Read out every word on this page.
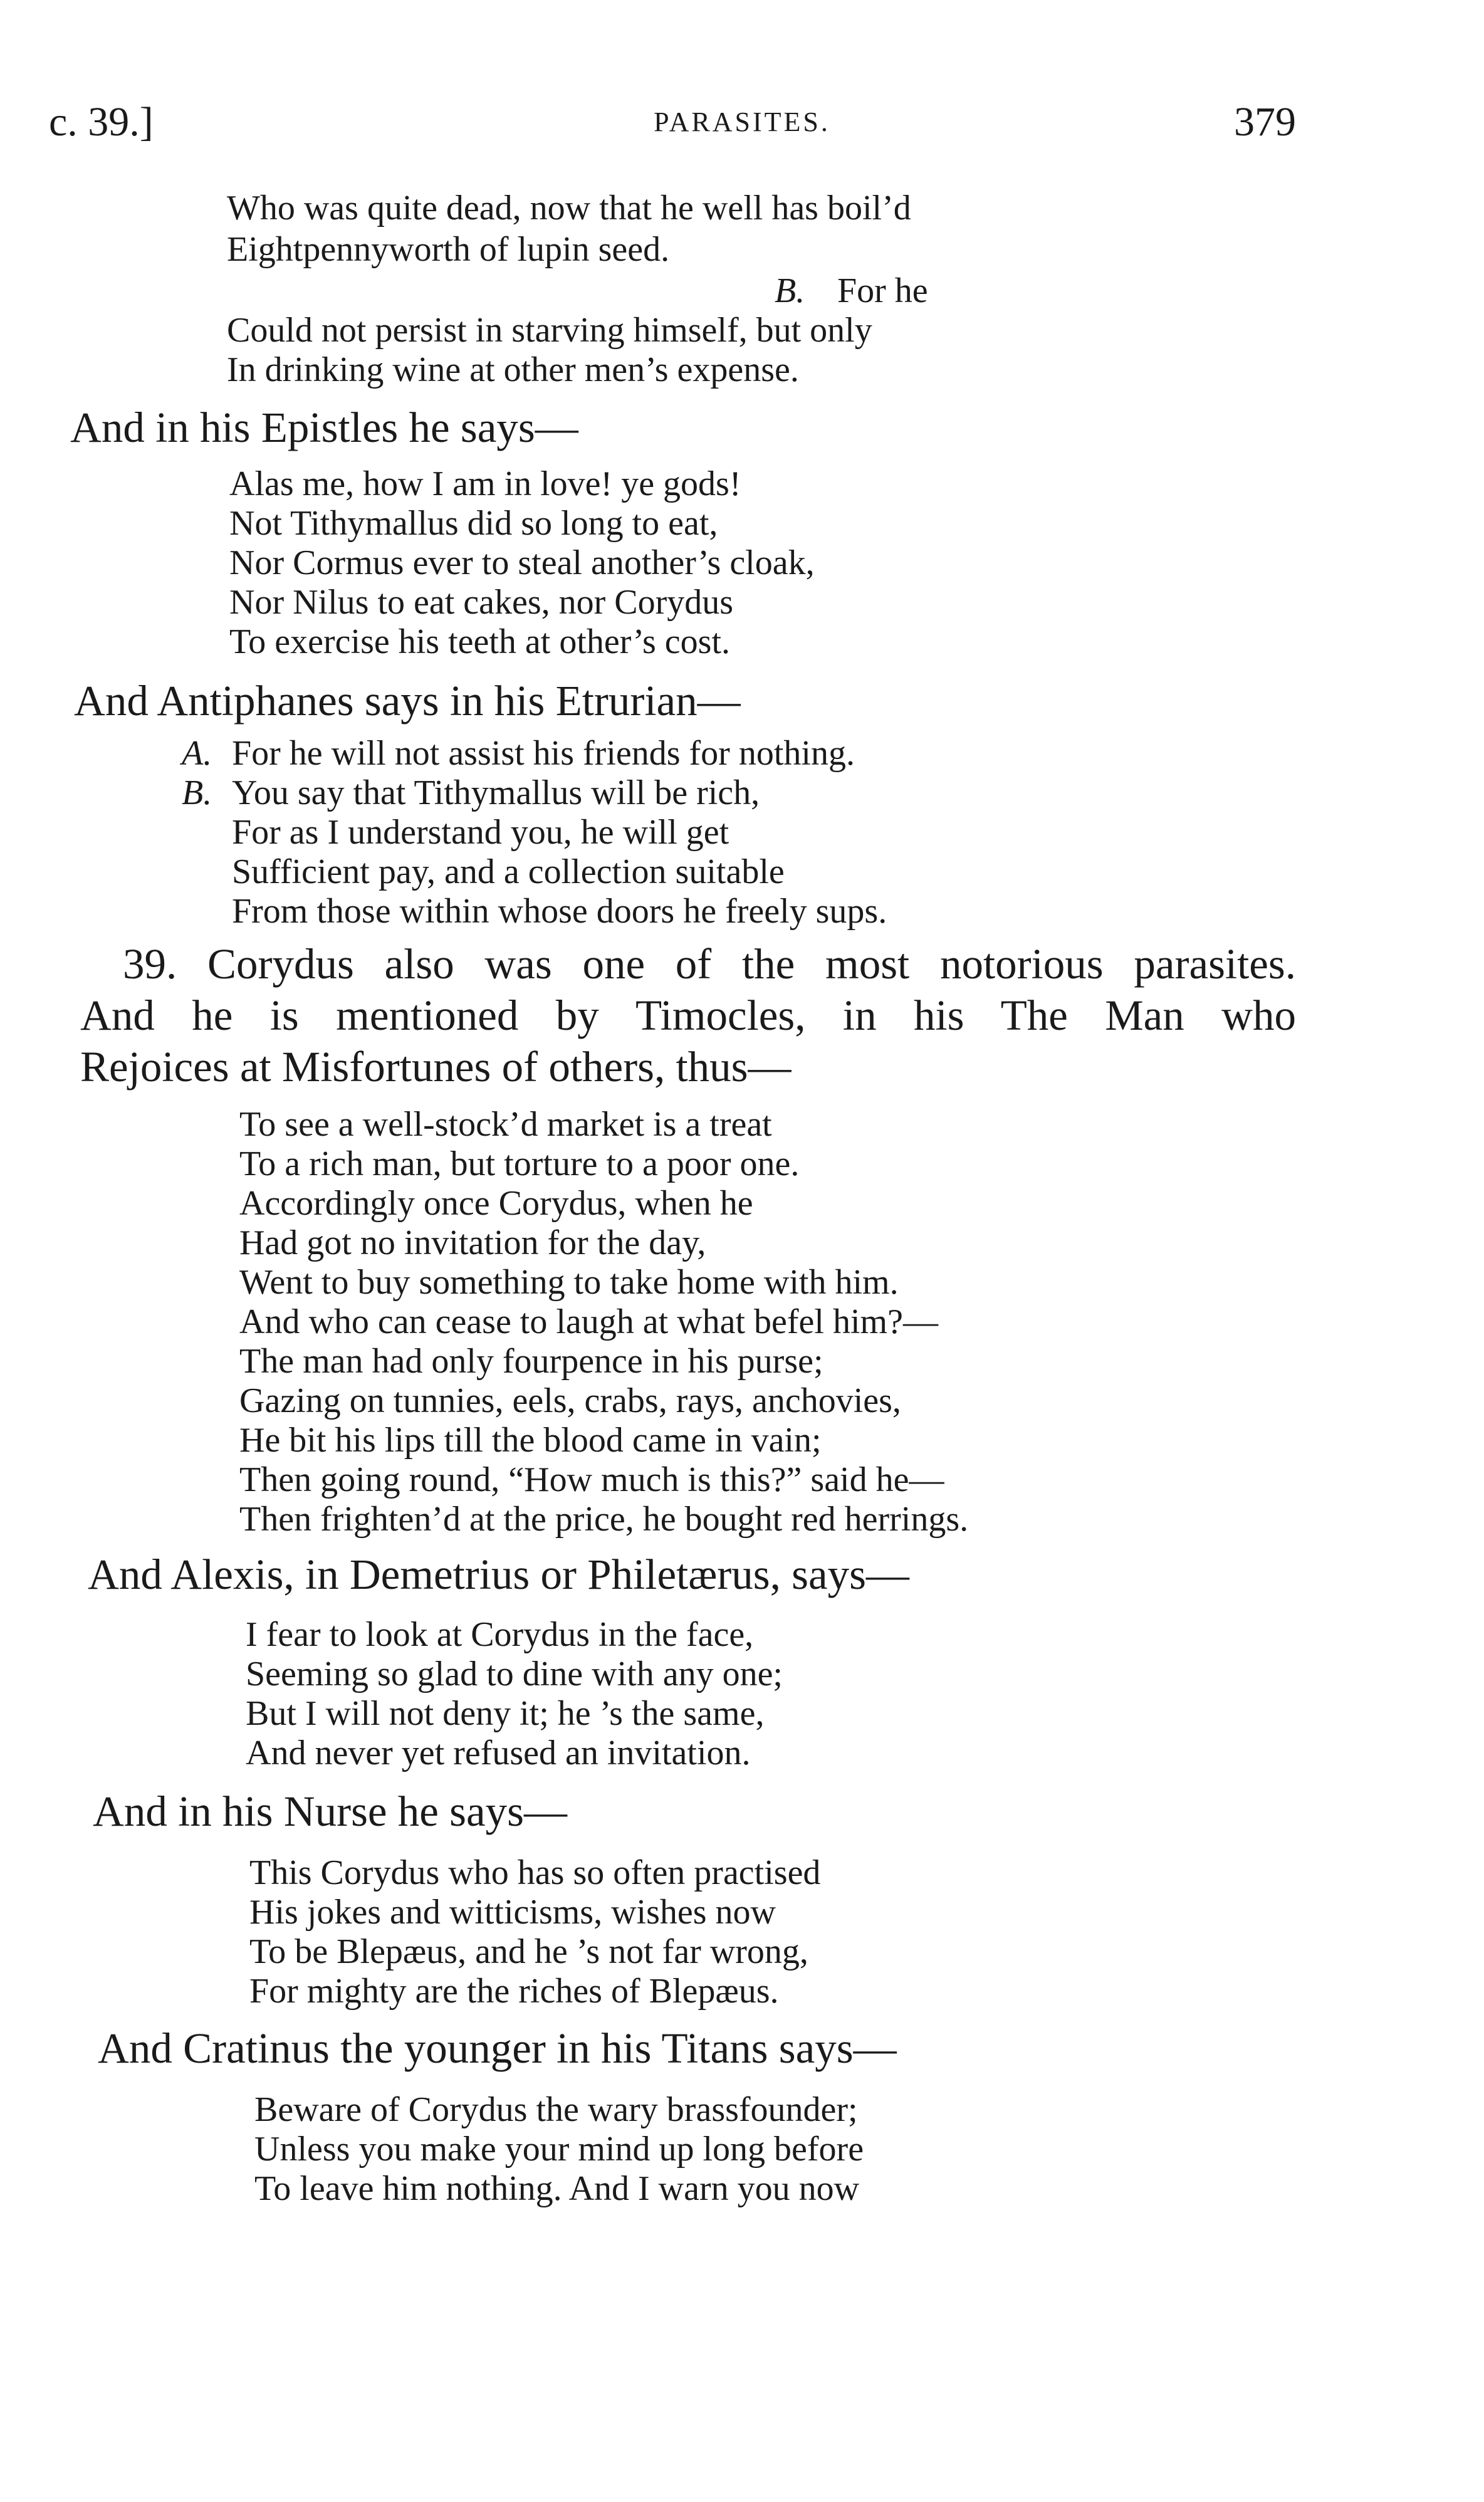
c. 39.]	PARASITES.	379
Who was quite dead, now that he well has boil’d
Eightpennyworth of lupin seed.
B. For he
Could not persist in starving himself, but only
In drinking wine at other men’s expense.
And in his Epistles he says—
Alas me, how I am in love! ye gods!
Not Tithymallus did so long to eat,
Nor Cormus ever to steal another’s cloak,
Nor Nilus to eat cakes, nor Corydus
To exercise his teeth at other’s cost.
And Antiphanes says in his Etrurian—
A. For he will not assist his friends for nothing.
B. You say that Tithymallus will be rich,
For as I understand you, he will get
Sufficient pay, and a collection suitable
From those within whose doors he freely sups.
39. Corydus also was one of the most notorious parasites.
And he is mentioned by Timocles, in his The Man who
Rejoices at Misfortunes of others, thus—
To see a well-stock’d market is a treat
To a rich man, but torture to a poor one.
Accordingly once Corydus, when he
Had got no invitation for the day,
Went to buy something to take home with him.
And who can cease to laugh at what befel him?—
The man had only fourpence in his purse;
Gazing on tunnies, eels, crabs, rays, anchovies,
He bit his lips till the blood came in vain;
Then going round, “How much is this?” said he—
Then frighten’d at the price, he bought red herrings.
And Alexis, in Demetrius or Philetærus, says—
I fear to look at Corydus in the face,
Seeming so glad to dine with any one;
But I will not deny it; he ’s the same,
And never yet refused an invitation.
And in his Nurse he says—
This Corydus who has so often practised
His jokes and witticisms, wishes now
To be Blepæus, and he ’s not far wrong,
For mighty are the riches of Blepæus.
And Cratinus the younger in his Titans says—
Beware of Corydus the wary brassfounder;
Unless you make your mind up long before
To leave him nothing. And I warn you now
